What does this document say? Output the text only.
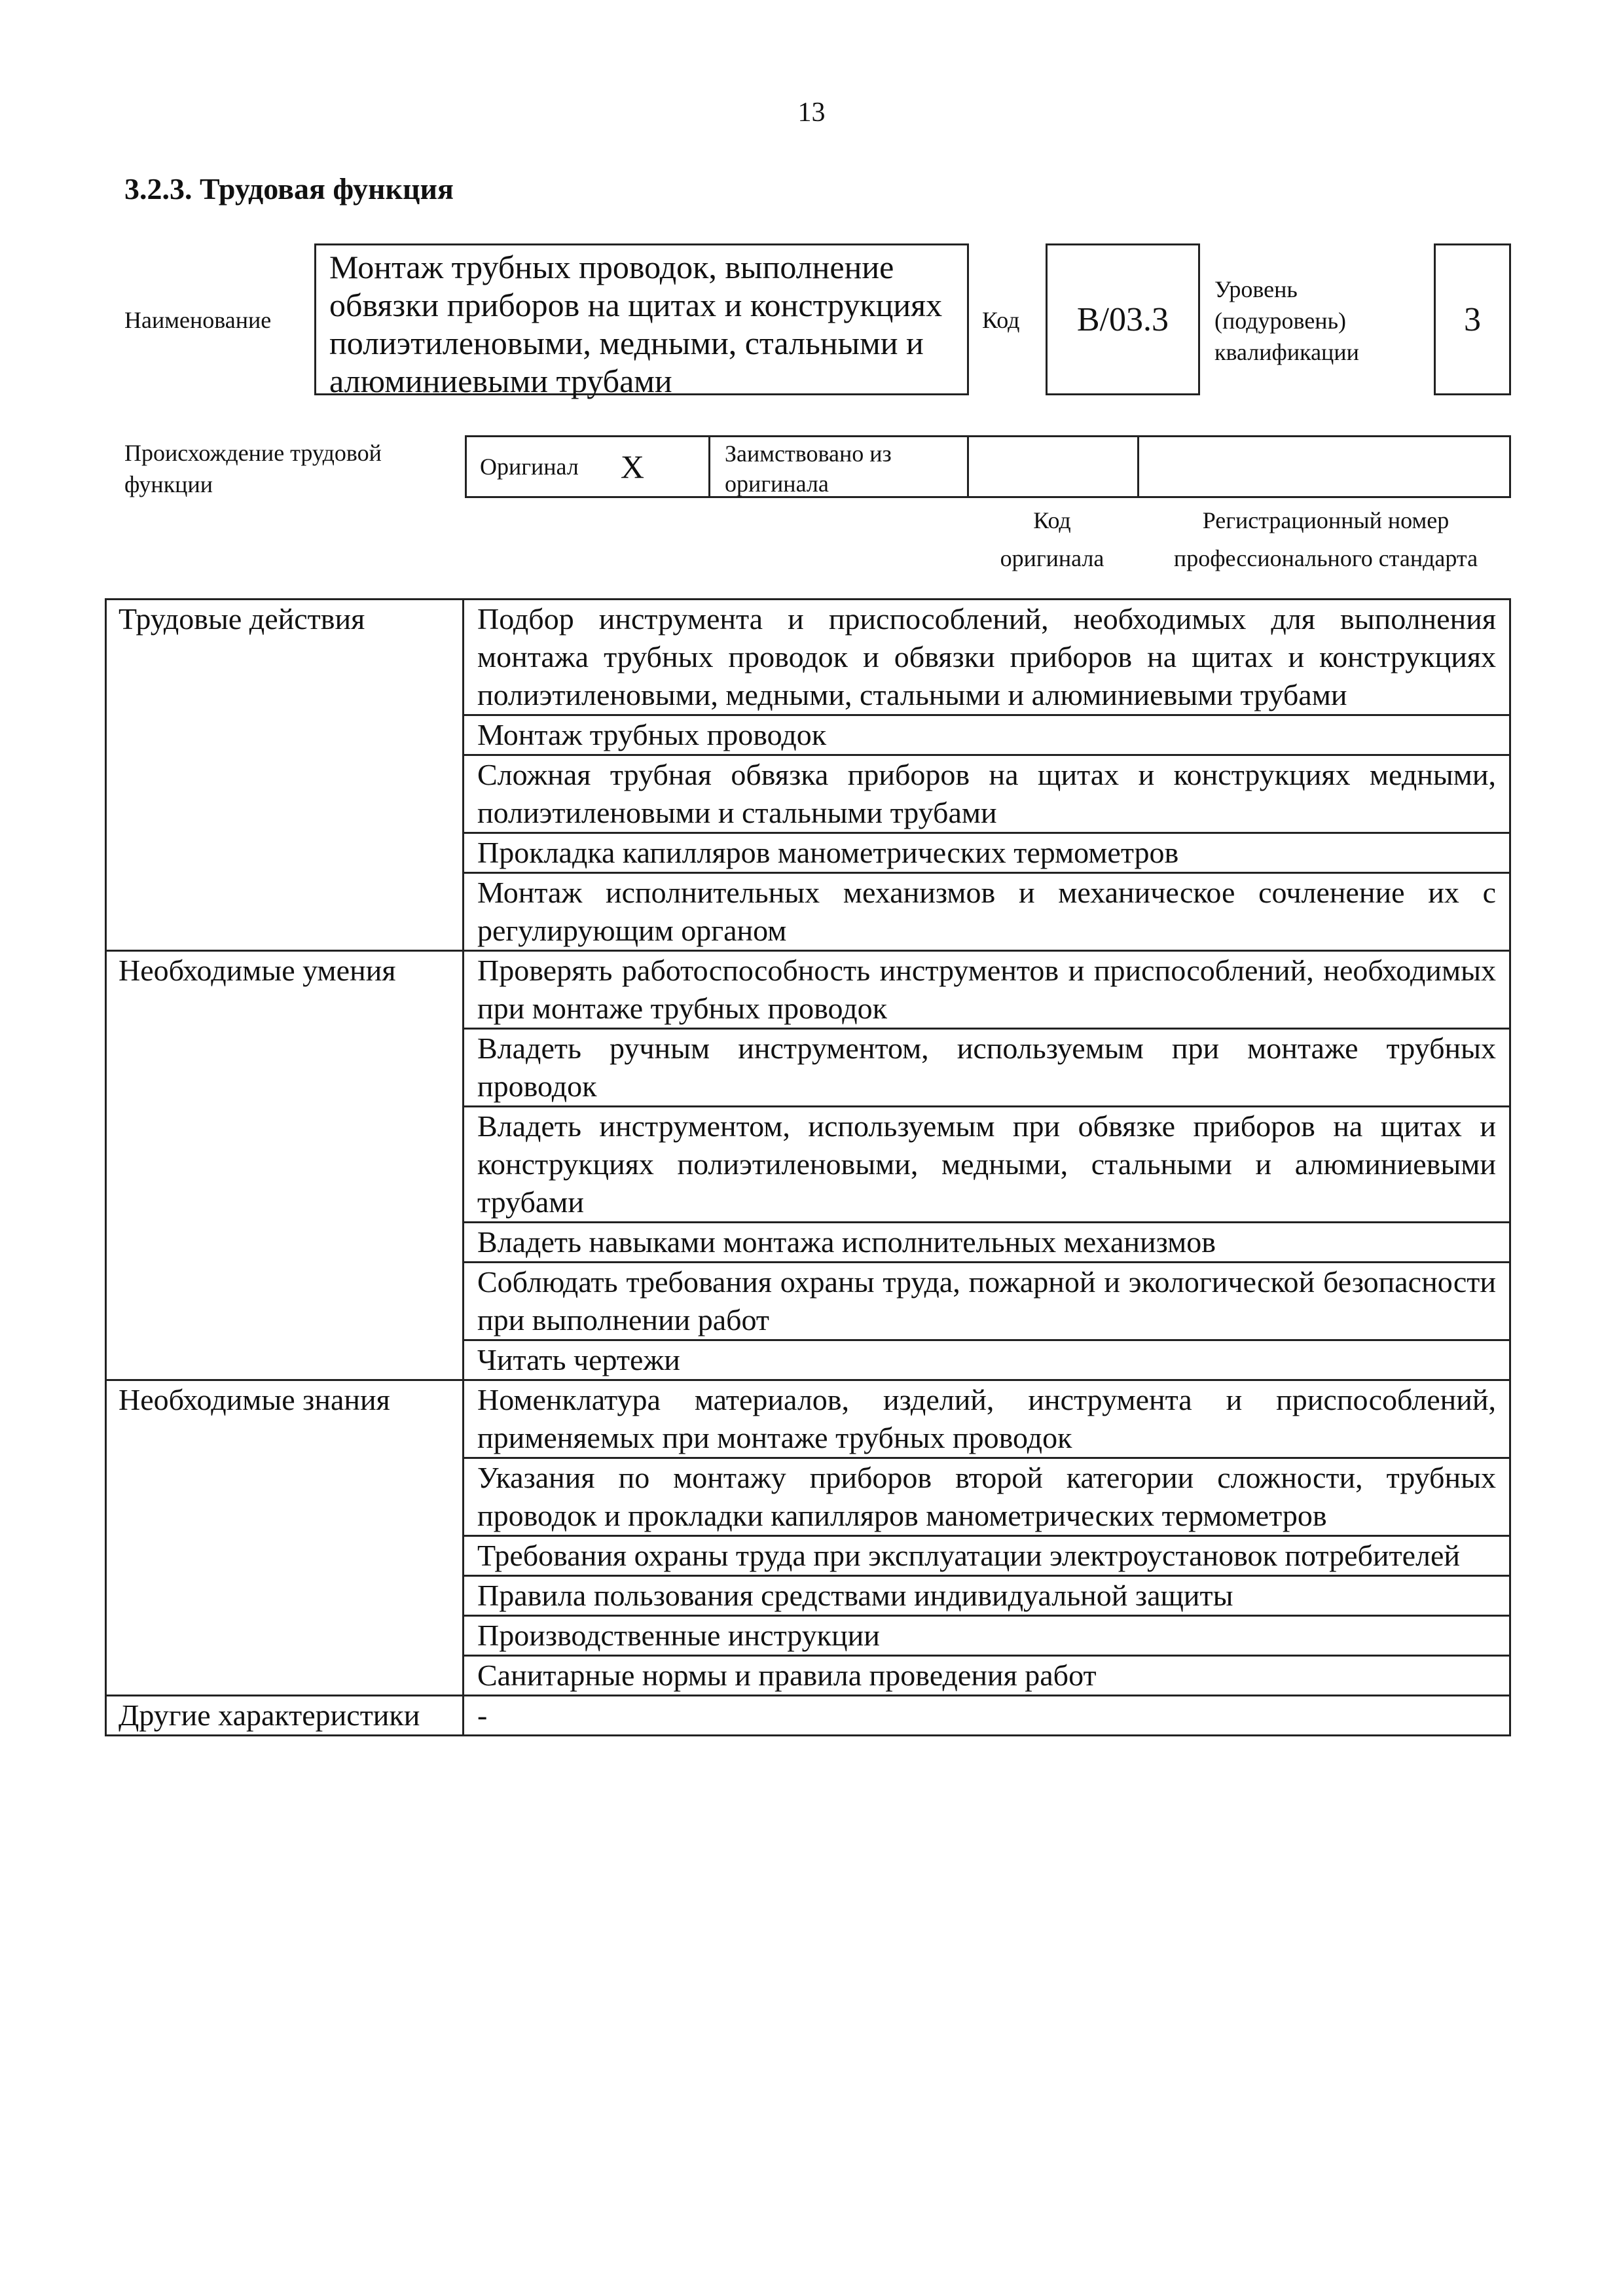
13
3.2.3. Трудовая функция
Наименование
Монтаж трубных проводок, выполнение обвязки приборов на щитах и конструкциях полиэтиленовыми, медными, стальными и алюминиевыми трубами
Код	В/03.3
Уровень (подуровень) квалификации
3
Происхождение трудовой функции
Оригинал Х	Заимствовано из оригинала
Код оригинала
Регистрационный номер профессионального стандарта
Трудовые действия	Подбор инструмента и приспособлений, необходимых для выполнения монтажа трубных проводок и обвязки приборов на щитах и конструкциях полиэтиленовыми, медными, стальными и алюминиевыми трубами
	Монтаж трубных проводок
	Сложная трубная обвязка приборов на щитах и конструкциях медными, полиэтиленовыми и стальными трубами
	Прокладка капилляров манометрических термометров
	Монтаж исполнительных механизмов и механическое сочленение их с регулирующим органом
Необходимые умения	Проверять работоспособность инструментов и приспособлений, необходимых при монтаже трубных проводок
	Владеть ручным инструментом, используемым при монтаже трубных проводок
	Владеть инструментом, используемым при обвязке приборов на щитах и конструкциях полиэтиленовыми, медными, стальными и алюминиевыми трубами
	Владеть навыками монтажа исполнительных механизмов
	Соблюдать требования охраны труда, пожарной и экологической безопасности при выполнении работ
	Читать чертежи
Необходимые знания	Номенклатура материалов, изделий, инструмента и приспособлений, применяемых при монтаже трубных проводок
	Указания по монтажу приборов второй категории сложности, трубных проводок и прокладки капилляров манометрических термометров
	Требования охраны труда при эксплуатации электроустановок потребителей
	Правила пользования средствами индивидуальной защиты
	Производственные инструкции
	Санитарные нормы и правила проведения работ
Другие характеристики	-
